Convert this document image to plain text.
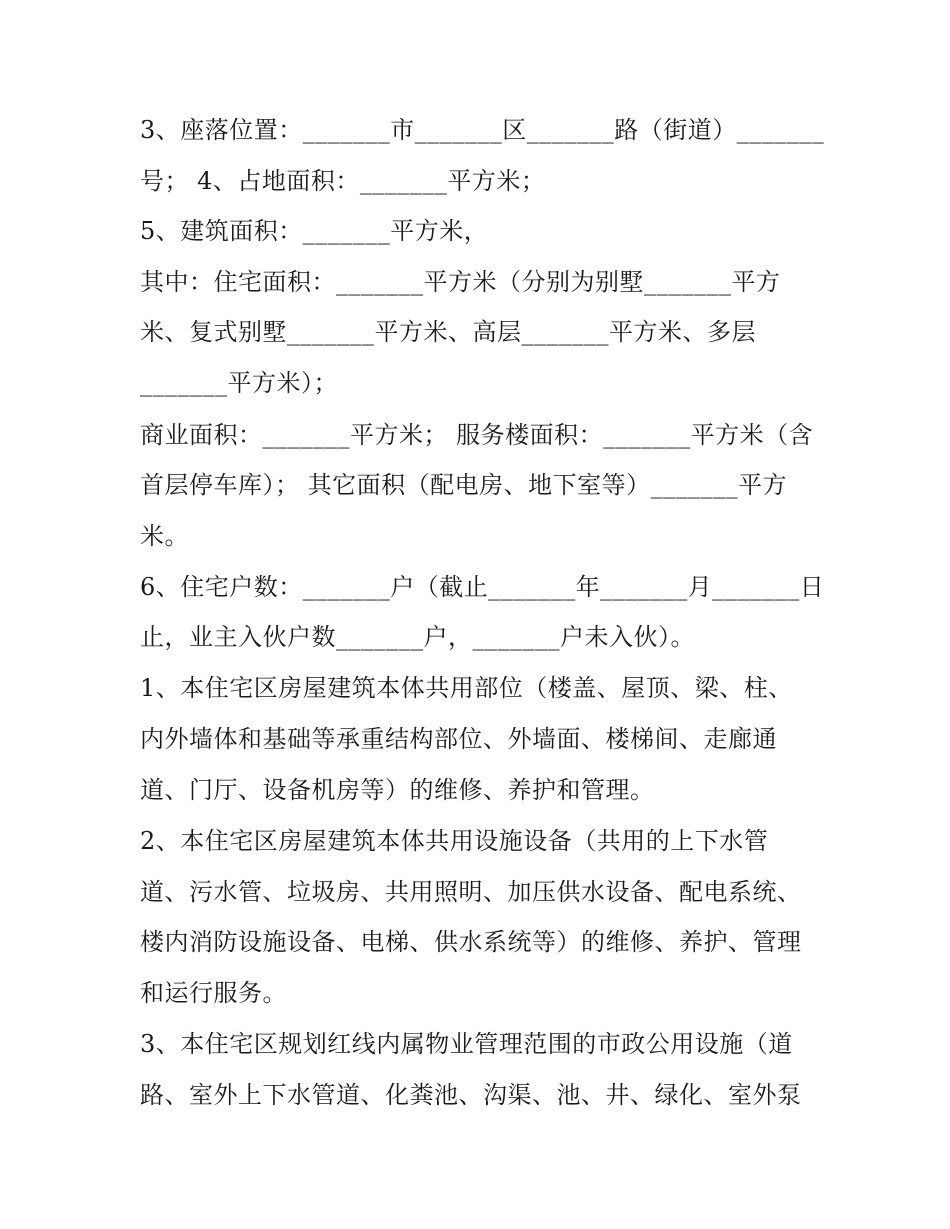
3、座落位置：_______市_______区_______路（街道）_______

号； 4、占地面积：_______平方米；

5、建筑面积：_______平方米，

其中：住宅面积：_______平方米（分别为别墅_______平方

米、复式别墅_______平方米、高层_______平方米、多层

_______平方米）；

商业面积：_______平方米； 服务楼面积：_______平方米（含

首层停车库）； 其它面积（配电房、地下室等）_______平方

米。

6、住宅户数：_______户（截止_______年_______月_______日

止，业主入伙户数_______户，_______户未入伙）。

1、本住宅区房屋建筑本体共用部位（楼盖、屋顶、梁、柱、

内外墙体和基础等承重结构部位、外墙面、楼梯间、走廊通

道、门厅、设备机房等）的维修、养护和管理。

2、本住宅区房屋建筑本体共用设施设备（共用的上下水管

道、污水管、垃圾房、共用照明、加压供水设备、配电系统、

楼内消防设施设备、电梯、供水系统等）的维修、养护、管理

和运行服务。

3、本住宅区规划红线内属物业管理范围的市政公用设施（道

路、室外上下水管道、化粪池、沟渠、池、井、绿化、室外泵
